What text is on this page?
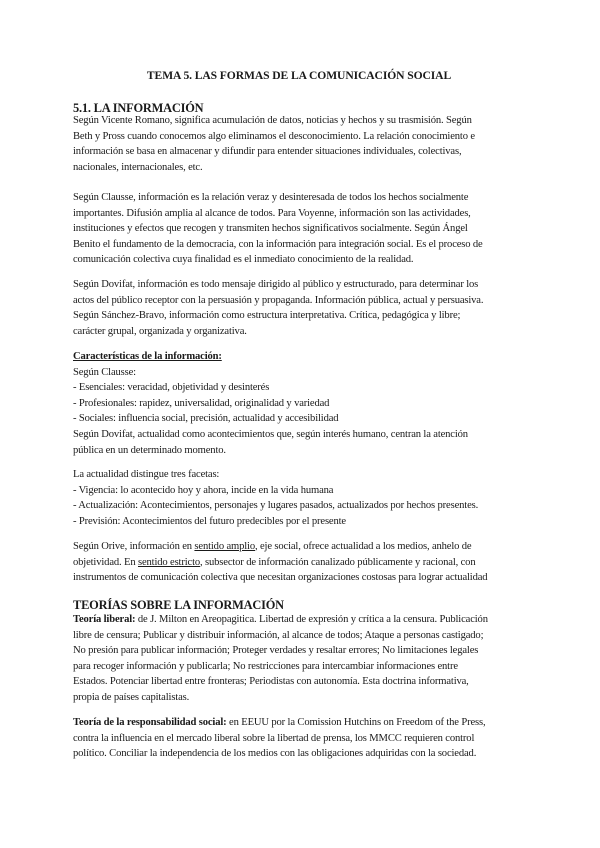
TEMA 5. LAS FORMAS DE LA COMUNICACIÓN SOCIAL
5.1. LA INFORMACIÓN
Según Vicente Romano, significa acumulación de datos, noticias y hechos y su trasmisión. Según
Beth y Pross cuando conocemos algo eliminamos el desconocimiento. La relación conocimiento e
información se basa en almacenar y difundir para entender situaciones individuales, colectivas,
nacionales, internacionales, etc.
Según Clausse, información es la relación veraz y desinteresada de todos los hechos socialmente
importantes. Difusión amplia al alcance de todos. Para Voyenne, información son las actividades,
instituciones y efectos que recogen y transmiten hechos significativos socialmente. Según Ángel
Benito el fundamento de la democracia, con la información para integración social. Es el proceso de
comunicación colectiva cuya finalidad es el inmediato conocimiento de la realidad.
Según Dovifat, información es todo mensaje dirigido al público y estructurado, para determinar los
actos del público receptor con la persuasión y propaganda. Información pública, actual y persuasiva.
Según Sánchez-Bravo, información como estructura interpretativa. Crítica, pedagógica y libre;
carácter grupal, organizada y organizativa.
Características de la información:
Según Clausse:
- Esenciales: veracidad, objetividad y desinterés
- Profesionales: rapidez, universalidad, originalidad y variedad
- Sociales: influencia social, precisión, actualidad y accesibilidad
Según Dovifat, actualidad como acontecimientos que, según interés humano, centran la atención
pública en un determinado momento.
La actualidad distingue tres facetas:
- Vigencia: lo acontecido hoy y ahora, incide en la vida humana
- Actualización: Acontecimientos, personajes y lugares pasados, actualizados por hechos presentes.
- Previsión: Acontecimientos del futuro predecibles por el presente
Según Orive, información en sentido amplio, eje social, ofrece actualidad a los medios, anhelo de
objetividad. En sentido estricto, subsector de información canalizado públicamente y racional, con
instrumentos de comunicación colectiva que necesitan organizaciones costosas para lograr actualidad
TEORÍAS SOBRE LA INFORMACIÓN
Teoría liberal: de J. Milton en Areopagitica. Libertad de expresión y crítica a la censura. Publicación
libre de censura; Publicar y distribuir información, al alcance de todos; Ataque a personas castigado;
No presión para publicar información; Proteger verdades y resaltar errores; No limitaciones legales
para recoger información y publicarla; No restricciones para intercambiar informaciones entre
Estados. Potenciar libertad entre fronteras; Periodistas con autonomía. Esta doctrina informativa,
propia de países capitalistas.
Teoría de la responsabilidad social: en EEUU por la Comission Hutchins on Freedom of the Press,
contra la influencia en el mercado liberal sobre la libertad de prensa, los MMCC requieren control
político. Conciliar la independencia de los medios con las obligaciones adquiridas con la sociedad.
